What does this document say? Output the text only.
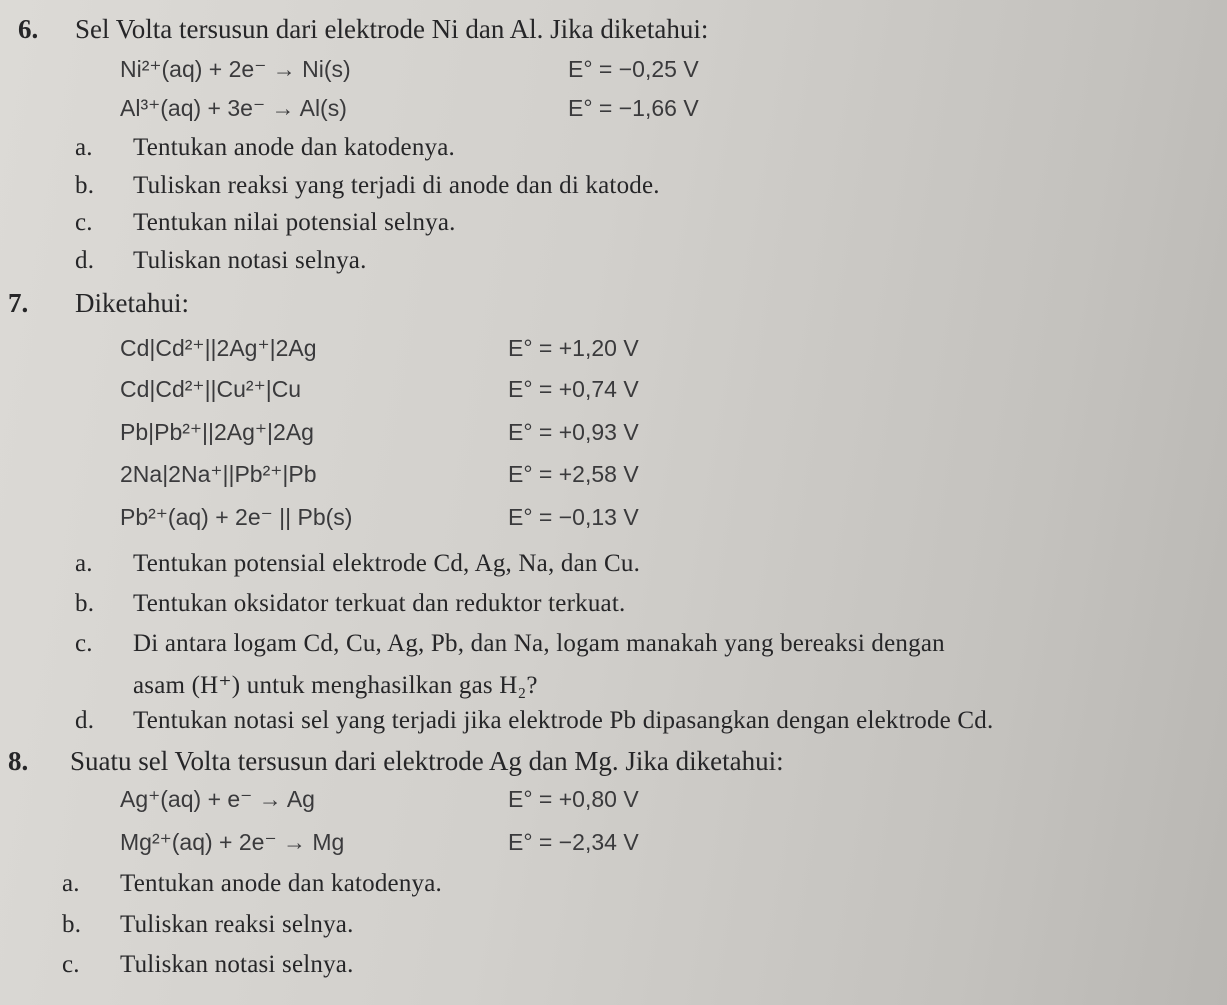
6. Sel Volta tersusun dari elektrode Ni dan Al. Jika diketahui:
Ni²⁺(aq) + 2e⁻ → Ni(s)	E° = −0,25 V
Al³⁺(aq) + 3e⁻ → Al(s)	E° = −1,66 V
a. Tentukan anode dan katodenya.
b. Tuliskan reaksi yang terjadi di anode dan di katode.
c. Tentukan nilai potensial selnya.
d. Tuliskan notasi selnya.
7. Diketahui:
Cd|Cd²⁺||2Ag⁺|2Ag	E° = +1,20 V
Cd|Cd²⁺||Cu²⁺|Cu	E° = +0,74 V
Pb|Pb²⁺||2Ag⁺|2Ag	E° = +0,93 V
2Na|2Na⁺||Pb²⁺|Pb	E° = +2,58 V
Pb²⁺(aq) + 2e⁻ || Pb(s)	E° = −0,13 V
a. Tentukan potensial elektrode Cd, Ag, Na, dan Cu.
b. Tentukan oksidator terkuat dan reduktor terkuat.
c. Di antara logam Cd, Cu, Ag, Pb, dan Na, logam manakah yang bereaksi dengan
asam (H⁺) untuk menghasilkan gas H₂?
d. Tentukan notasi sel yang terjadi jika elektrode Pb dipasangkan dengan elektrode Cd.
8. Suatu sel Volta tersusun dari elektrode Ag dan Mg. Jika diketahui:
Ag⁺(aq) + e⁻ → Ag	E° = +0,80 V
Mg²⁺(aq) + 2e⁻ → Mg	E° = −2,34 V
a. Tentukan anode dan katodenya.
b. Tuliskan reaksi selnya.
c. Tuliskan notasi selnya.
